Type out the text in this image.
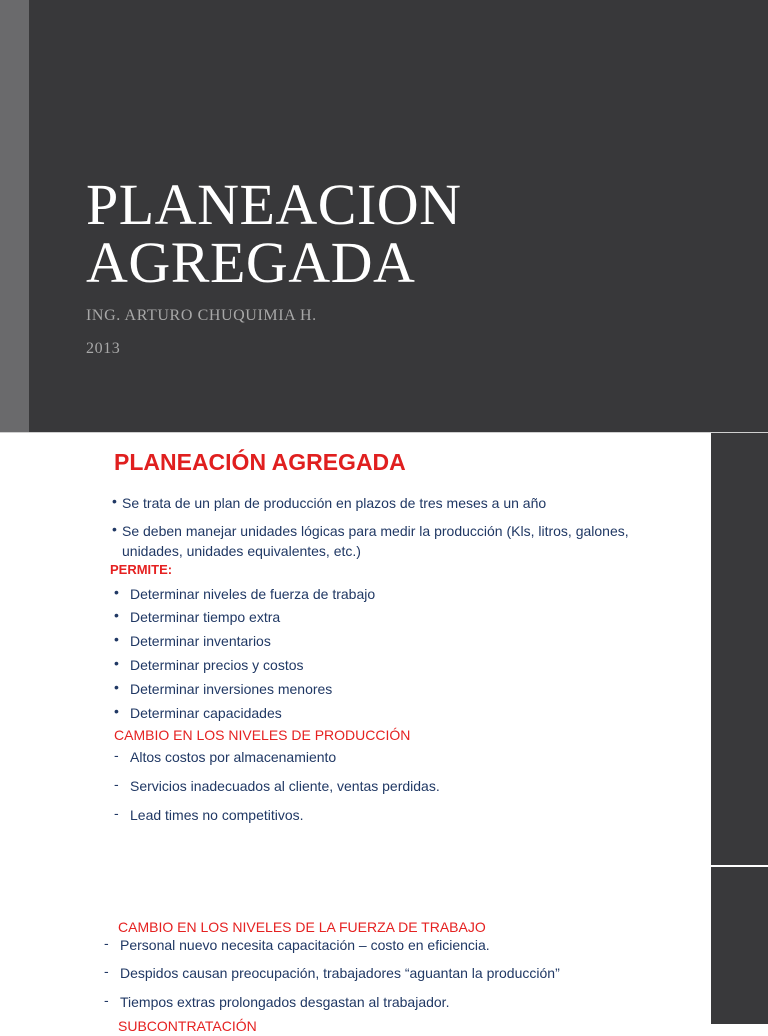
PLANEACION
AGREGADA
ING. ARTURO CHUQUIMIA H.
2013
PLANEACIÓN AGREGADA
• Se trata de un plan de producción en plazos de tres meses a un año
• Se deben manejar unidades lógicas para medir la producción (Kls, litros, galones,
unidades, unidades equivalentes, etc.)
PERMITE:
• Determinar niveles de fuerza de trabajo
• Determinar tiempo extra
• Determinar inventarios
• Determinar precios y costos
• Determinar inversiones menores
• Determinar capacidades
CAMBIO EN LOS NIVELES DE PRODUCCIÓN
- Altos costos por almacenamiento
- Servicios inadecuados al cliente, ventas perdidas.
- Lead times no competitivos.
CAMBIO EN LOS NIVELES DE LA FUERZA DE TRABAJO
- Personal nuevo necesita capacitación – costo en eficiencia.
- Despidos causan preocupación, trabajadores “aguantan la producción”
- Tiempos extras prolongados desgastan al trabajador.
SUBCONTRATACIÓN
